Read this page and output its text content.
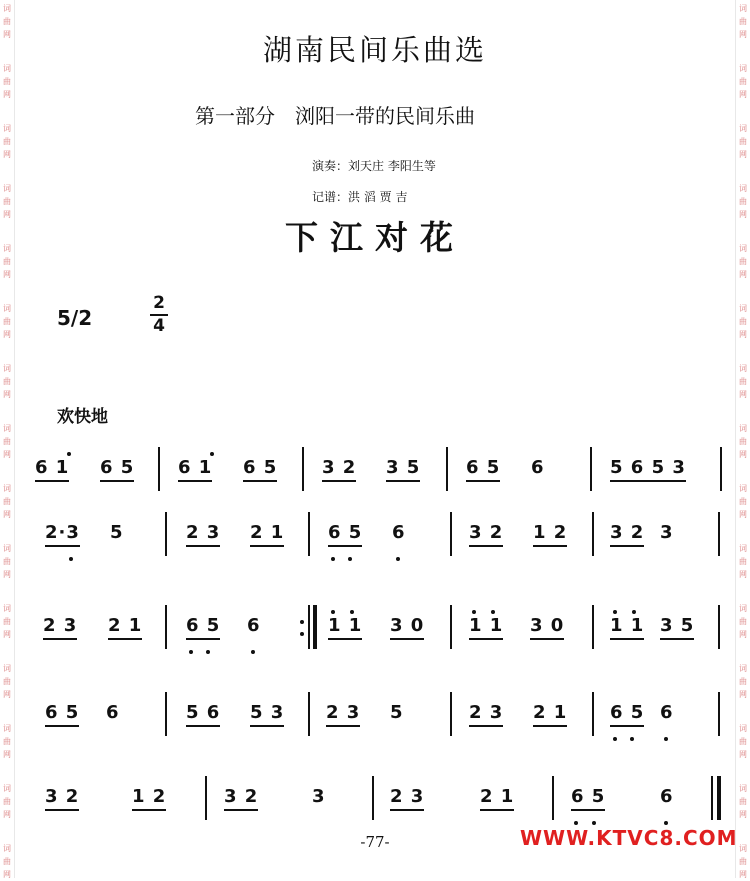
词
曲
网
词
曲
网
词
曲
网
词
曲
网
词
曲
网
词
曲
网
词
曲
网
词
曲
网
词
曲
网
词
曲
网
词
曲
网
词
曲
网
词
曲
网
词
曲
网
词
曲
网
词
曲
网
词
曲
网
词
曲
网
词
曲
网
词
曲
网
词
曲
网
词
曲
网
词
曲
网
词
曲
网
词
曲
网
词
曲
网
词
曲
网
词
曲
网
词
曲
网
词
曲
网
湖南民间乐曲选
第一部分　浏阳一带的民间乐曲
演奏：刘天庄 李阳生等
记谱：洪 滔 贾 吉
下江对花
5/2
2
4
欢快地
6 1 6 5 6 1 6 5 3 2 3 5	6 5 6	5 6 5 3
2·3 5	2 3 2 1 6 5 6	3 2 1 2 3 2 3
2 3 2 1 6 5 6	1 1 3 0 1 1 3 0	1 1 3 5
6 5 6	5 6 5 3 2 3 5	2 3 2 1 6 5 6
3 2	1 2	3 2	3	2 3	2 1	6 5	6
-77-	WWW.KTVC8.COM
